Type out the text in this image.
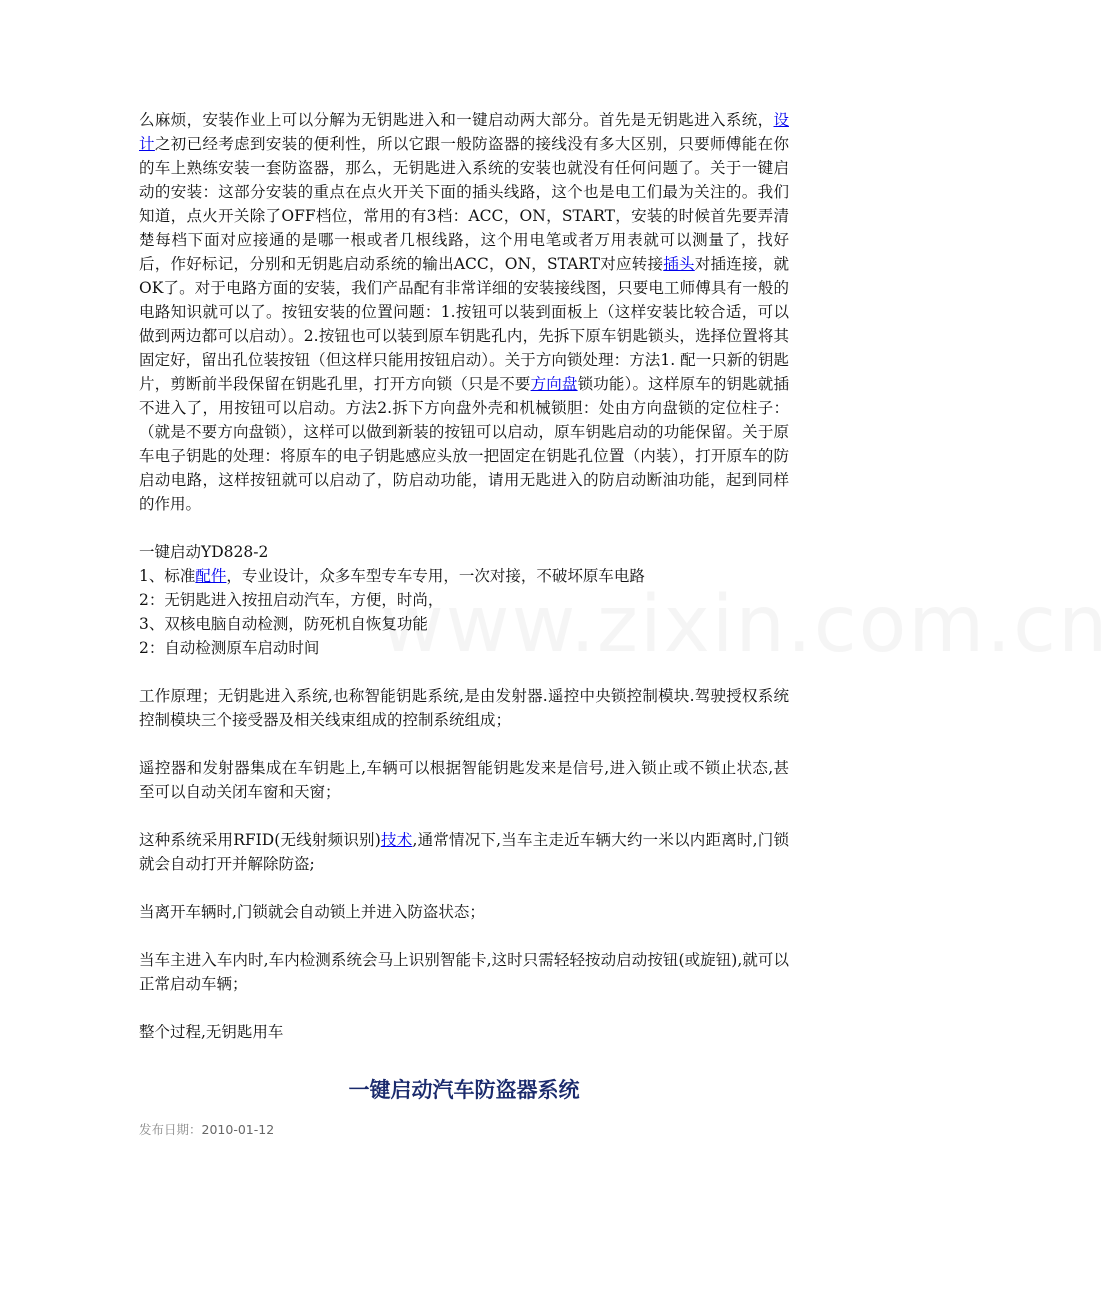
www.zixin.com.cn

么麻烦，安装作业上可以分解为无钥匙进入和一键启动两大部分。首先是无钥匙进入系统，设计之初已经考虑到安装的便利性，所以它跟一般防盗器的接线没有多大区别，只要师傅能在你的车上熟练安装一套防盗器，那么，无钥匙进入系统的安装也就没有任何问题了。关于一键启动的安装：这部分安装的重点在点火开关下面的插头线路，这个也是电工们最为关注的。我们知道，点火开关除了OFF档位，常用的有3档：ACC，ON，START，安装的时候首先要弄清楚每档下面对应接通的是哪一根或者几根线路，这个用电笔或者万用表就可以测量了，找好后，作好标记，分别和无钥匙启动系统的输出ACC，ON，START对应转接插头对插连接，就OK了。对于电路方面的安装，我们产品配有非常详细的安装接线图，只要电工师傅具有一般的电路知识就可以了。按钮安装的位置问题：1.按钮可以装到面板上（这样安装比较合适，可以做到两边都可以启动）。2.按钮也可以装到原车钥匙孔内，先拆下原车钥匙锁头，选择位置将其固定好，留出孔位装按钮（但这样只能用按钮启动）。关于方向锁处理：方法1. 配一只新的钥匙片，剪断前半段保留在钥匙孔里，打开方向锁（只是不要方向盘锁功能）。这样原车的钥匙就插不进入了，用按钮可以启动。方法2.拆下方向盘外壳和机械锁胆：处由方向盘锁的定位柱子：（就是不要方向盘锁），这样可以做到新装的按钮可以启动，原车钥匙启动的功能保留。关于原车电子钥匙的处理：将原车的电子钥匙感应头放一把固定在钥匙孔位置（内装），打开原车的防启动电路，这样按钮就可以启动了，防启动功能，请用无匙进入的防启动断油功能，起到同样的作用。

一键启动YD828-2

1、标准配件，专业设计，众多车型专车专用，一次对接，不破坏原车电路

2：无钥匙进入按扭启动汽车，方便，时尚，

3、双核电脑自动检测，防死机自恢复功能

2：自动检测原车启动时间

工作原理；无钥匙进入系统,也称智能钥匙系统,是由发射器.遥控中央锁控制模块.驾驶授权系统控制模块三个接受器及相关线束组成的控制系统组成；

遥控器和发射器集成在车钥匙上,车辆可以根据智能钥匙发来是信号,进入锁止或不锁止状态,甚至可以自动关闭车窗和天窗；

这种系统采用RFID(无线射频识别)技术,通常情况下,当车主走近车辆大约一米以内距离时,门锁就会自动打开并解除防盗;

当离开车辆时,门锁就会自动锁上并进入防盗状态；

当车主进入车内时,车内检测系统会马上识别智能卡,这时只需轻轻按动启动按钮(或旋钮),就可以正常启动车辆；

整个过程,无钥匙用车

一键启动汽车防盗器系统
发布日期：2010-01-12
